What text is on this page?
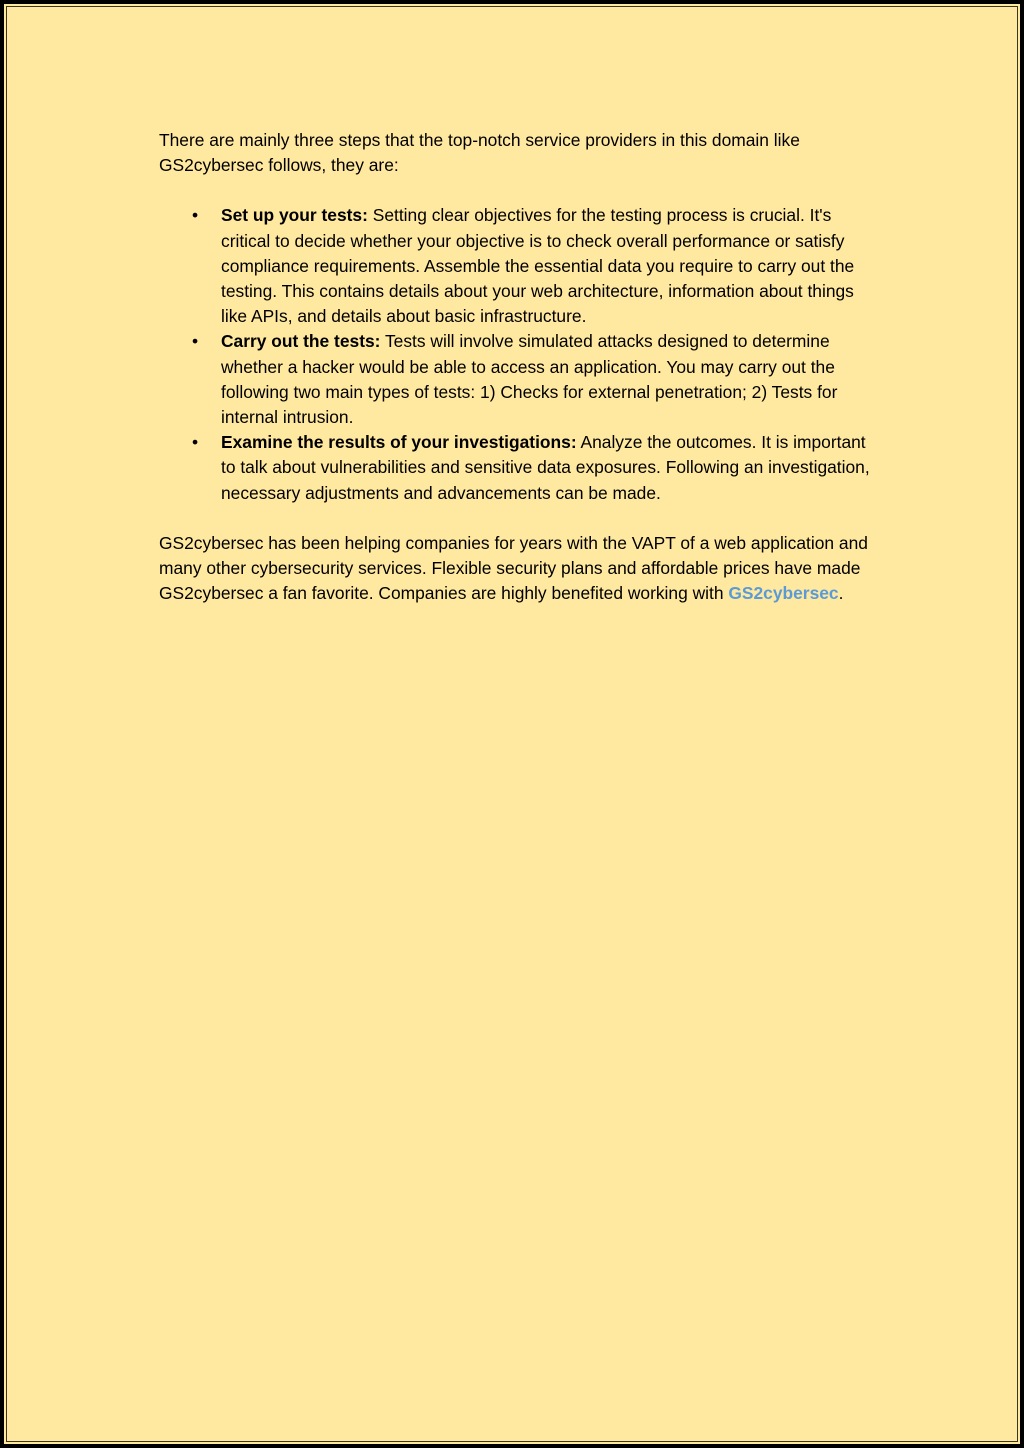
There are mainly three steps that the top-notch service providers in this domain like GS2cybersec follows, they are:

• Set up your tests: Setting clear objectives for the testing process is crucial. It's critical to decide whether your objective is to check overall performance or satisfy compliance requirements. Assemble the essential data you require to carry out the testing. This contains details about your web architecture, information about things like APIs, and details about basic infrastructure.
• Carry out the tests: Tests will involve simulated attacks designed to determine whether a hacker would be able to access an application. You may carry out the following two main types of tests: 1) Checks for external penetration; 2) Tests for internal intrusion.
• Examine the results of your investigations: Analyze the outcomes. It is important to talk about vulnerabilities and sensitive data exposures. Following an investigation, necessary adjustments and advancements can be made.

GS2cybersec has been helping companies for years with the VAPT of a web application and many other cybersecurity services. Flexible security plans and affordable prices have made GS2cybersec a fan favorite. Companies are highly benefited working with GS2cybersec.
